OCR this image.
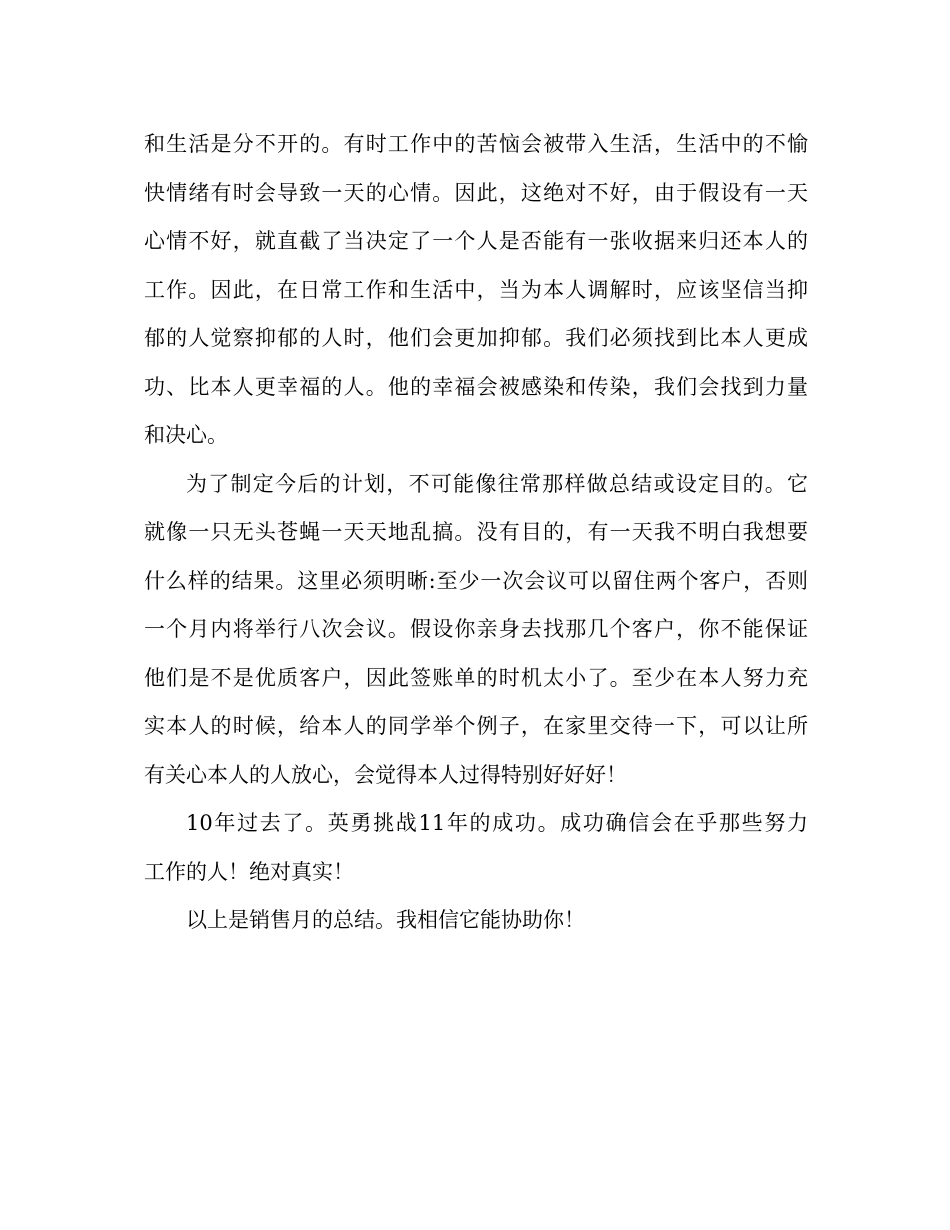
和生活是分不开的。有时工作中的苦恼会被带入生活，生活中的不愉
快情绪有时会导致一天的心情。因此，这绝对不好，由于假设有一天
心情不好，就直截了当决定了一个人是否能有一张收据来归还本人的
工作。因此，在日常工作和生活中，当为本人调解时，应该坚信当抑
郁的人觉察抑郁的人时，他们会更加抑郁。我们必须找到比本人更成
功、比本人更幸福的人。他的幸福会被感染和传染，我们会找到力量
和决心。
为了制定今后的计划，不可能像往常那样做总结或设定目的。它
就像一只无头苍蝇一天天地乱搞。没有目的，有一天我不明白我想要
什么样的结果。这里必须明晰:至少一次会议可以留住两个客户，否则
一个月内将举行八次会议。假设你亲身去找那几个客户，你不能保证
他们是不是优质客户，因此签账单的时机太小了。至少在本人努力充
实本人的时候，给本人的同学举个例子，在家里交待一下，可以让所
有关心本人的人放心，会觉得本人过得特别好好好！
10年过去了。英勇挑战11年的成功。成功确信会在乎那些努力
工作的人！绝对真实！
以上是销售月的总结。我相信它能协助你！
